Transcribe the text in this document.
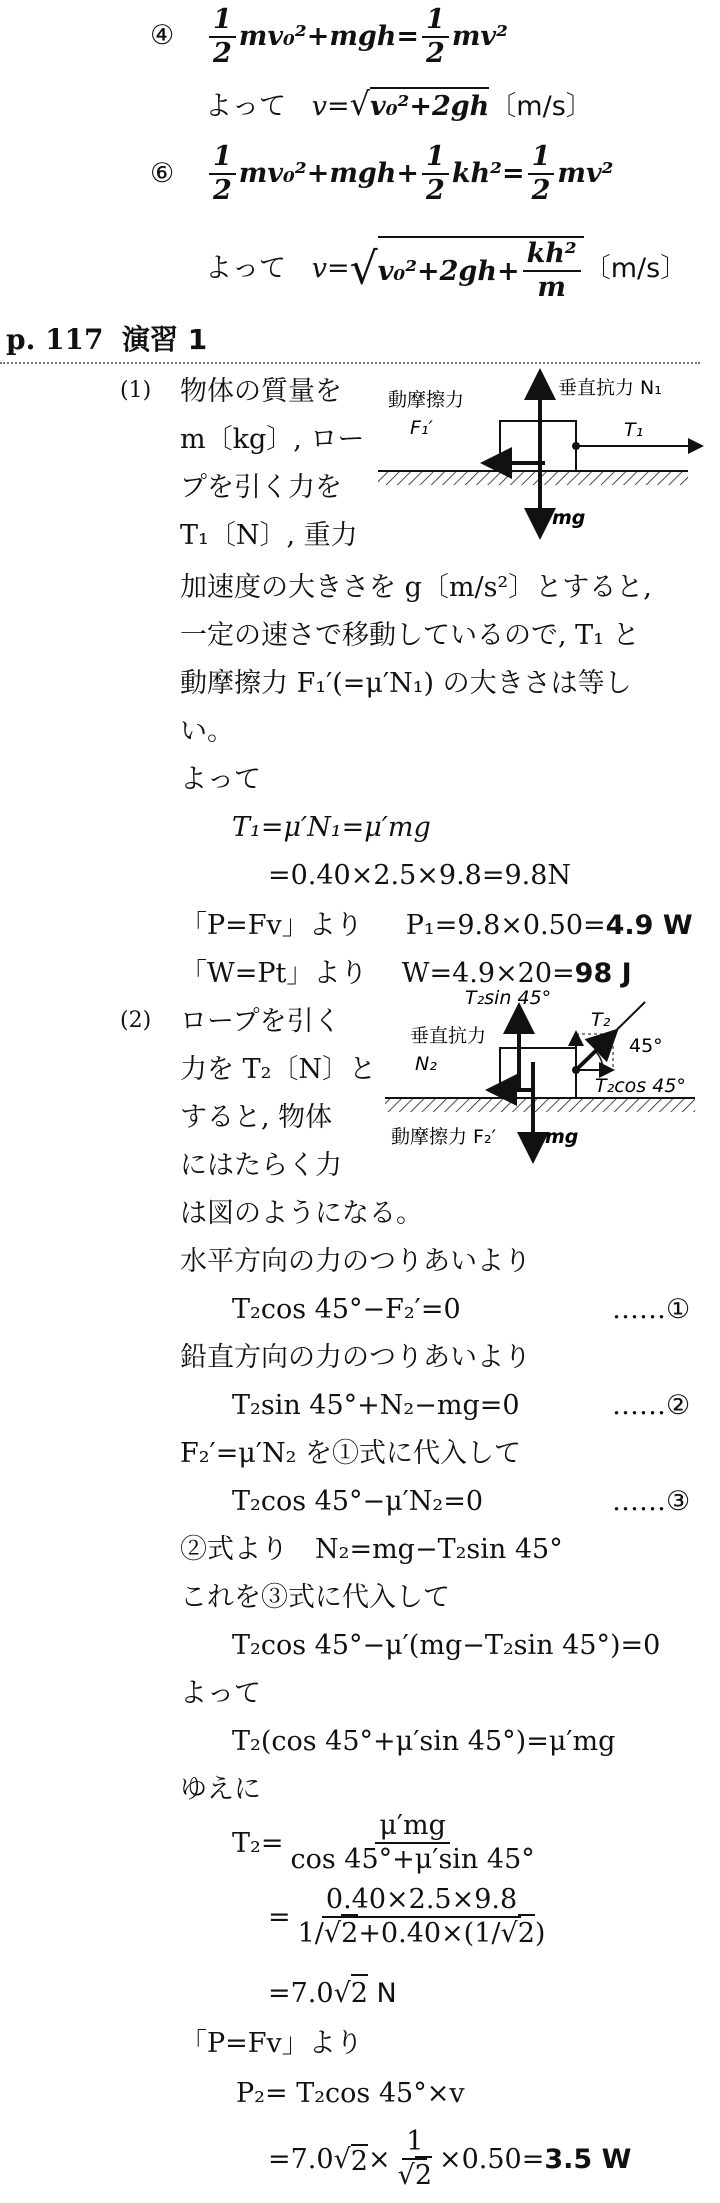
④ $\frac{1}{2} mv_0^2+mgh= \frac{1}{2} mv^2$
よって v=√v₀²+2gh〔m/s〕
⑥ $\frac{1}{2} mv_0^2+mgh+ \frac{1}{2} kh^2= \frac{1}{2} mv^2$
よって v=√ $v_0^2+2gh+ \frac{\text{kh²}}{m}$ 〔m/s〕
p. 117 演習 1
(1) 物体の質量を
m〔kg〕, ロー
プを引く力を
T₁〔N〕, 重力
垂直抗力 N₁
動摩擦力
F₁′	T₁
mg
加速度の大きさを g〔m/s²〕とすると,
一定の速さで移動しているので, T₁ と
動摩擦力 F₁′(=μ′N₁) の大きさは等し
い。
よって
T₁=μ′N₁=μ′mg
=0.40×2.5×9.8=9.8N
「P=Fv」より P₁=9.8×0.50=4.9 W
「W=Pt」より W=4.9×20=98 J
(2) ロープを引く
力を T₂〔N〕と
すると, 物体
にはたらく力
は図のようになる。
T₂sin 45°
T₂
45°
垂直抗力
N₂
T₂cos 45°
動摩擦力 F₂′	mg
水平方向の力のつりあいより
T₂cos 45°−F₂′=0	……①
鉛直方向の力のつりあいより
T₂sin 45°+N₂−mg=0	……②
F₂′=μ′N₂ を①式に代入して
T₂cos 45°−μ′N₂=0	……③
②式より　N₂=mg−T₂sin 45°
これを③式に代入して
T₂cos 45°−μ′(mg−T₂sin 45°)=0
よって
T₂(cos 45°+μ′sin 45°)=μ′mg
ゆえに
$T_2= \frac{\mu'mg}{\cos 45^\circ+\mu'\sin 45^\circ}$
= $\frac{0.40\times 2.5\times 9.8}{1/√2+0.40\times(1/√2)}$
=7.0√2 N
「P=Fv」より
P₂= T₂cos 45°×v
=7.0 √ $2 \times \frac{1}{√2} \times 0.50= 3.5$ W
